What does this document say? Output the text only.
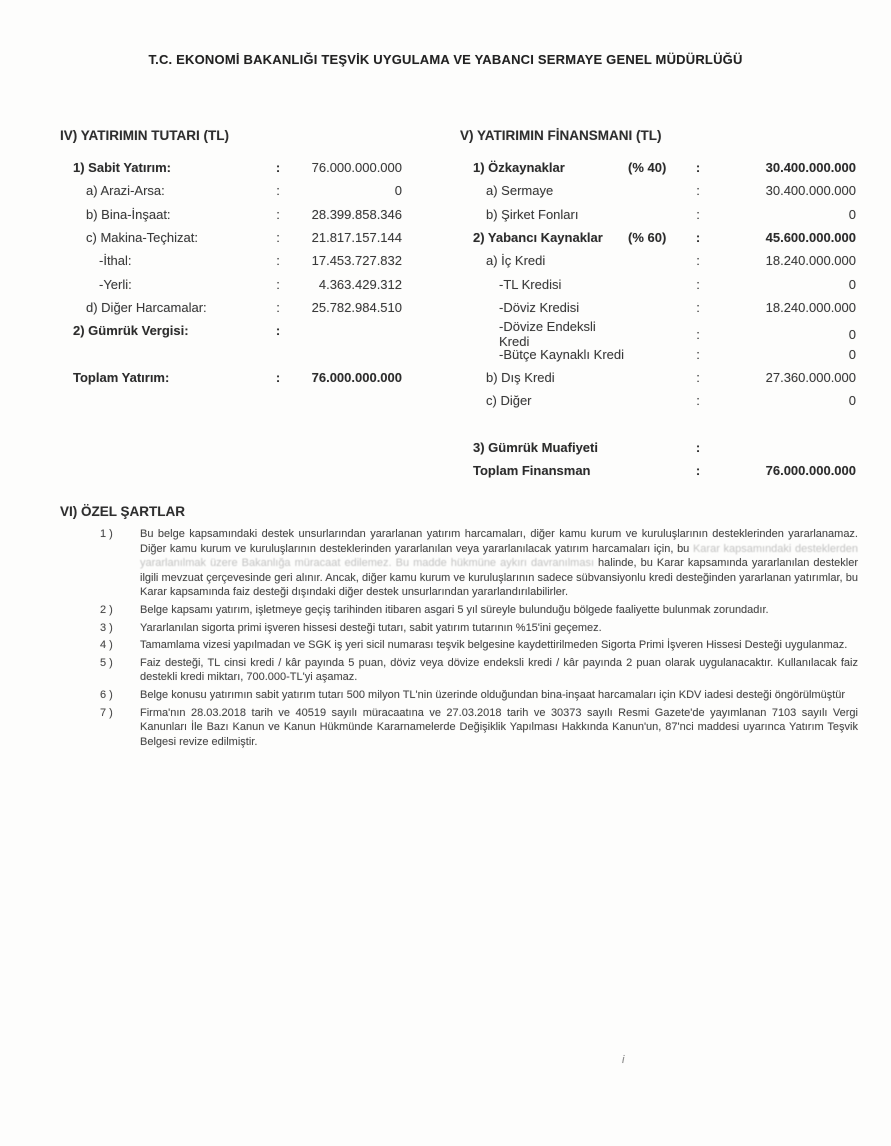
T.C. EKONOMİ BAKANLIĞI TEŞVİK UYGULAMA VE YABANCI SERMAYE GENEL MÜDÜRLÜĞÜ
IV) YATIRIMIN TUTARI (TL)
1) Sabit Yatırım:	:	76.000.000.000
a) Arazi-Arsa:	:	0
b) Bina-İnşaat:	:	28.399.858.346
c) Makina-Teçhizat:	:	21.817.157.144
-İthal:	:	17.453.727.832
-Yerli:	:	4.363.429.312
d) Diğer Harcamalar:	:	25.782.984.510
2) Gümrük Vergisi:	:
Toplam Yatırım:	:	76.000.000.000
V) YATIRIMIN FİNANSMANI (TL)
1) Özkaynaklar	(% 40)	:	30.400.000.000
a) Sermaye	:	30.400.000.000
b) Şirket Fonları	:	0
2) Yabancı Kaynaklar	(% 60)	:	45.600.000.000
a) İç Kredi	:	18.240.000.000
-TL Kredisi	:	0
-Döviz Kredisi	:	18.240.000.000
-Dövize Endeksli Kredi	:	0
-Bütçe Kaynaklı Kredi	:	0
b) Dış Kredi	:	27.360.000.000
c) Diğer	:	0
3) Gümrük Muafiyeti	:
Toplam Finansman	:	76.000.000.000
VI) ÖZEL ŞARTLAR
1 )	Bu belge kapsamındaki destek unsurlarından yararlanan yatırım harcamaları, diğer kamu kurum ve kuruluşlarının desteklerinden yararlanamaz. Diğer kamu kurum ve kuruluşlarının desteklerinden yararlanılan veya yararlanılacak yatırım harcamaları için, bu Karar kapsamındaki desteklerden yararlanılmak üzere Bakanlığa müracaat edilemez. Bu madde hükmüne aykırı davranılması halinde, bu Karar kapsamında yararlanılan destekler ilgili mevzuat çerçevesinde geri alınır. Ancak, diğer kamu kurum ve kuruluşlarının sadece sübvansiyonlu kredi desteğinden yararlanan yatırımlar, bu Karar kapsamında faiz desteği dışındaki diğer destek unsurlarından yararlandırılabilirler.
2 )	Belge kapsamı yatırım, işletmeye geçiş tarihinden itibaren asgari 5 yıl süreyle bulunduğu bölgede faaliyette bulunmak zorundadır.
3 )	Yararlanılan sigorta primi işveren hissesi desteği tutarı, sabit yatırım tutarının %15'ini geçemez.
4 )	Tamamlama vizesi yapılmadan ve SGK iş yeri sicil numarası teşvik belgesine kaydettirilmeden Sigorta Primi İşveren Hissesi Desteği uygulanmaz.
5 )	Faiz desteği, TL cinsi kredi / kâr payında 5 puan, döviz veya dövize endeksli kredi / kâr payında 2 puan olarak uygulanacaktır. Kullanılacak faiz destekli kredi miktarı, 700.000-TL'yi aşamaz.
6 )	Belge konusu yatırımın sabit yatırım tutarı 500 milyon TL'nin üzerinde olduğundan bina-inşaat harcamaları için KDV iadesi desteği öngörülmüştür
7 )	Firma'nın 28.03.2018 tarih ve 40519 sayılı müracaatına ve 27.03.2018 tarih ve 30373 sayılı Resmi Gazete'de yayımlanan 7103 sayılı Vergi Kanunları İle Bazı Kanun ve Kanun Hükmünde Kararnamelerde Değişiklik Yapılması Hakkında Kanun'un, 87'nci maddesi uyarınca Yatırım Teşvik Belgesi revize edilmiştir.
i
